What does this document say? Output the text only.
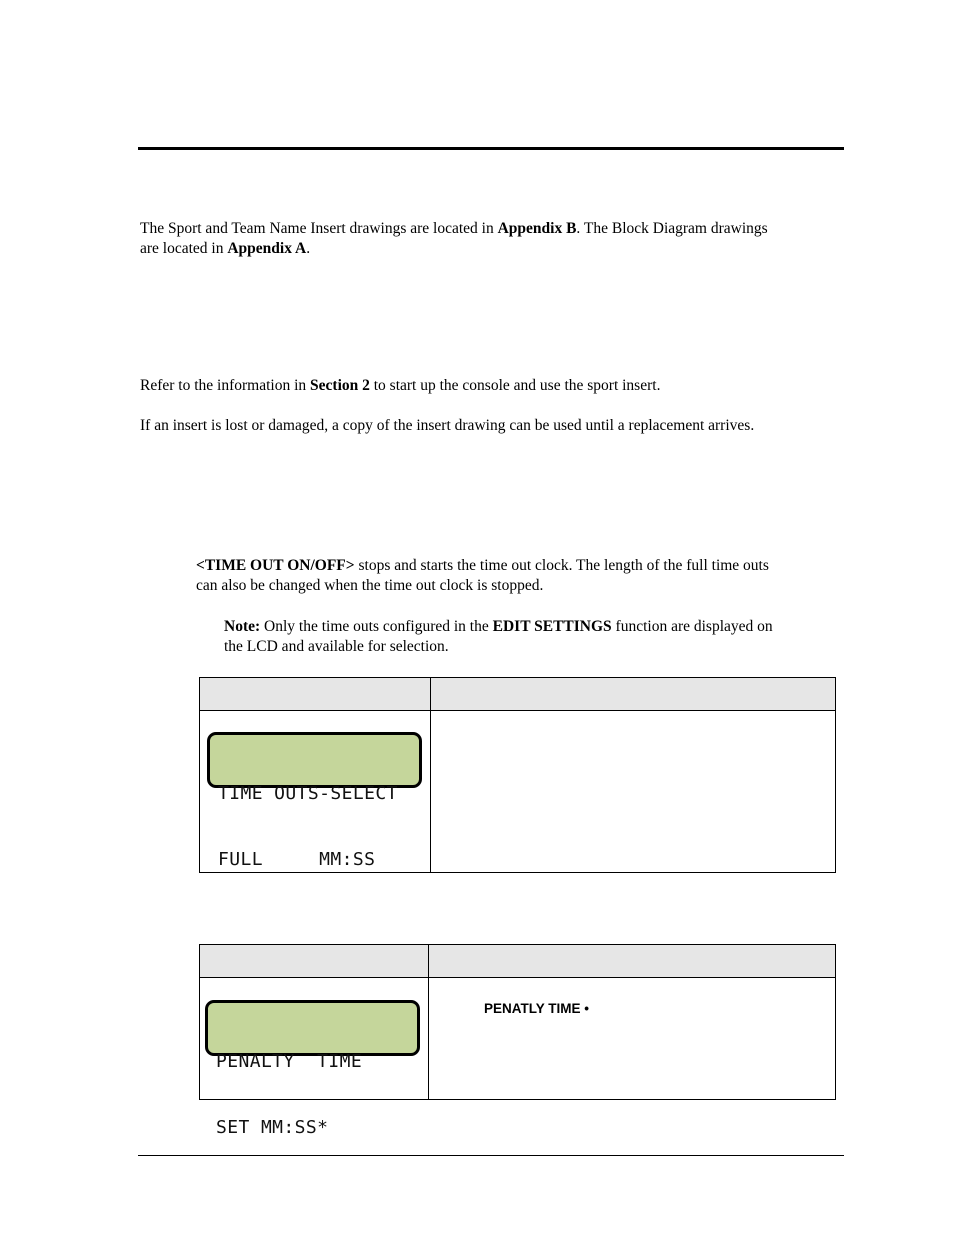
The Sport and Team Name Insert drawings are located in Appendix B. The Block Diagram drawings
are located in Appendix A.

Refer to the information in Section 2 to start up the console and use the sport insert.

If an insert is lost or damaged, a copy of the insert drawing can be used until a replacement arrives.

<TIME OUT ON/OFF> stops and starts the time out clock. The length of the full time outs
can also be changed when the time out clock is stopped.

Note: Only the time outs configured in the EDIT SETTINGS function are displayed on
the LCD and available for selection.

TIME OUTS-SELECT

FULL     MM:SS

PENALTY  TIME

SET MM:SS*

PENATLY TIME •
